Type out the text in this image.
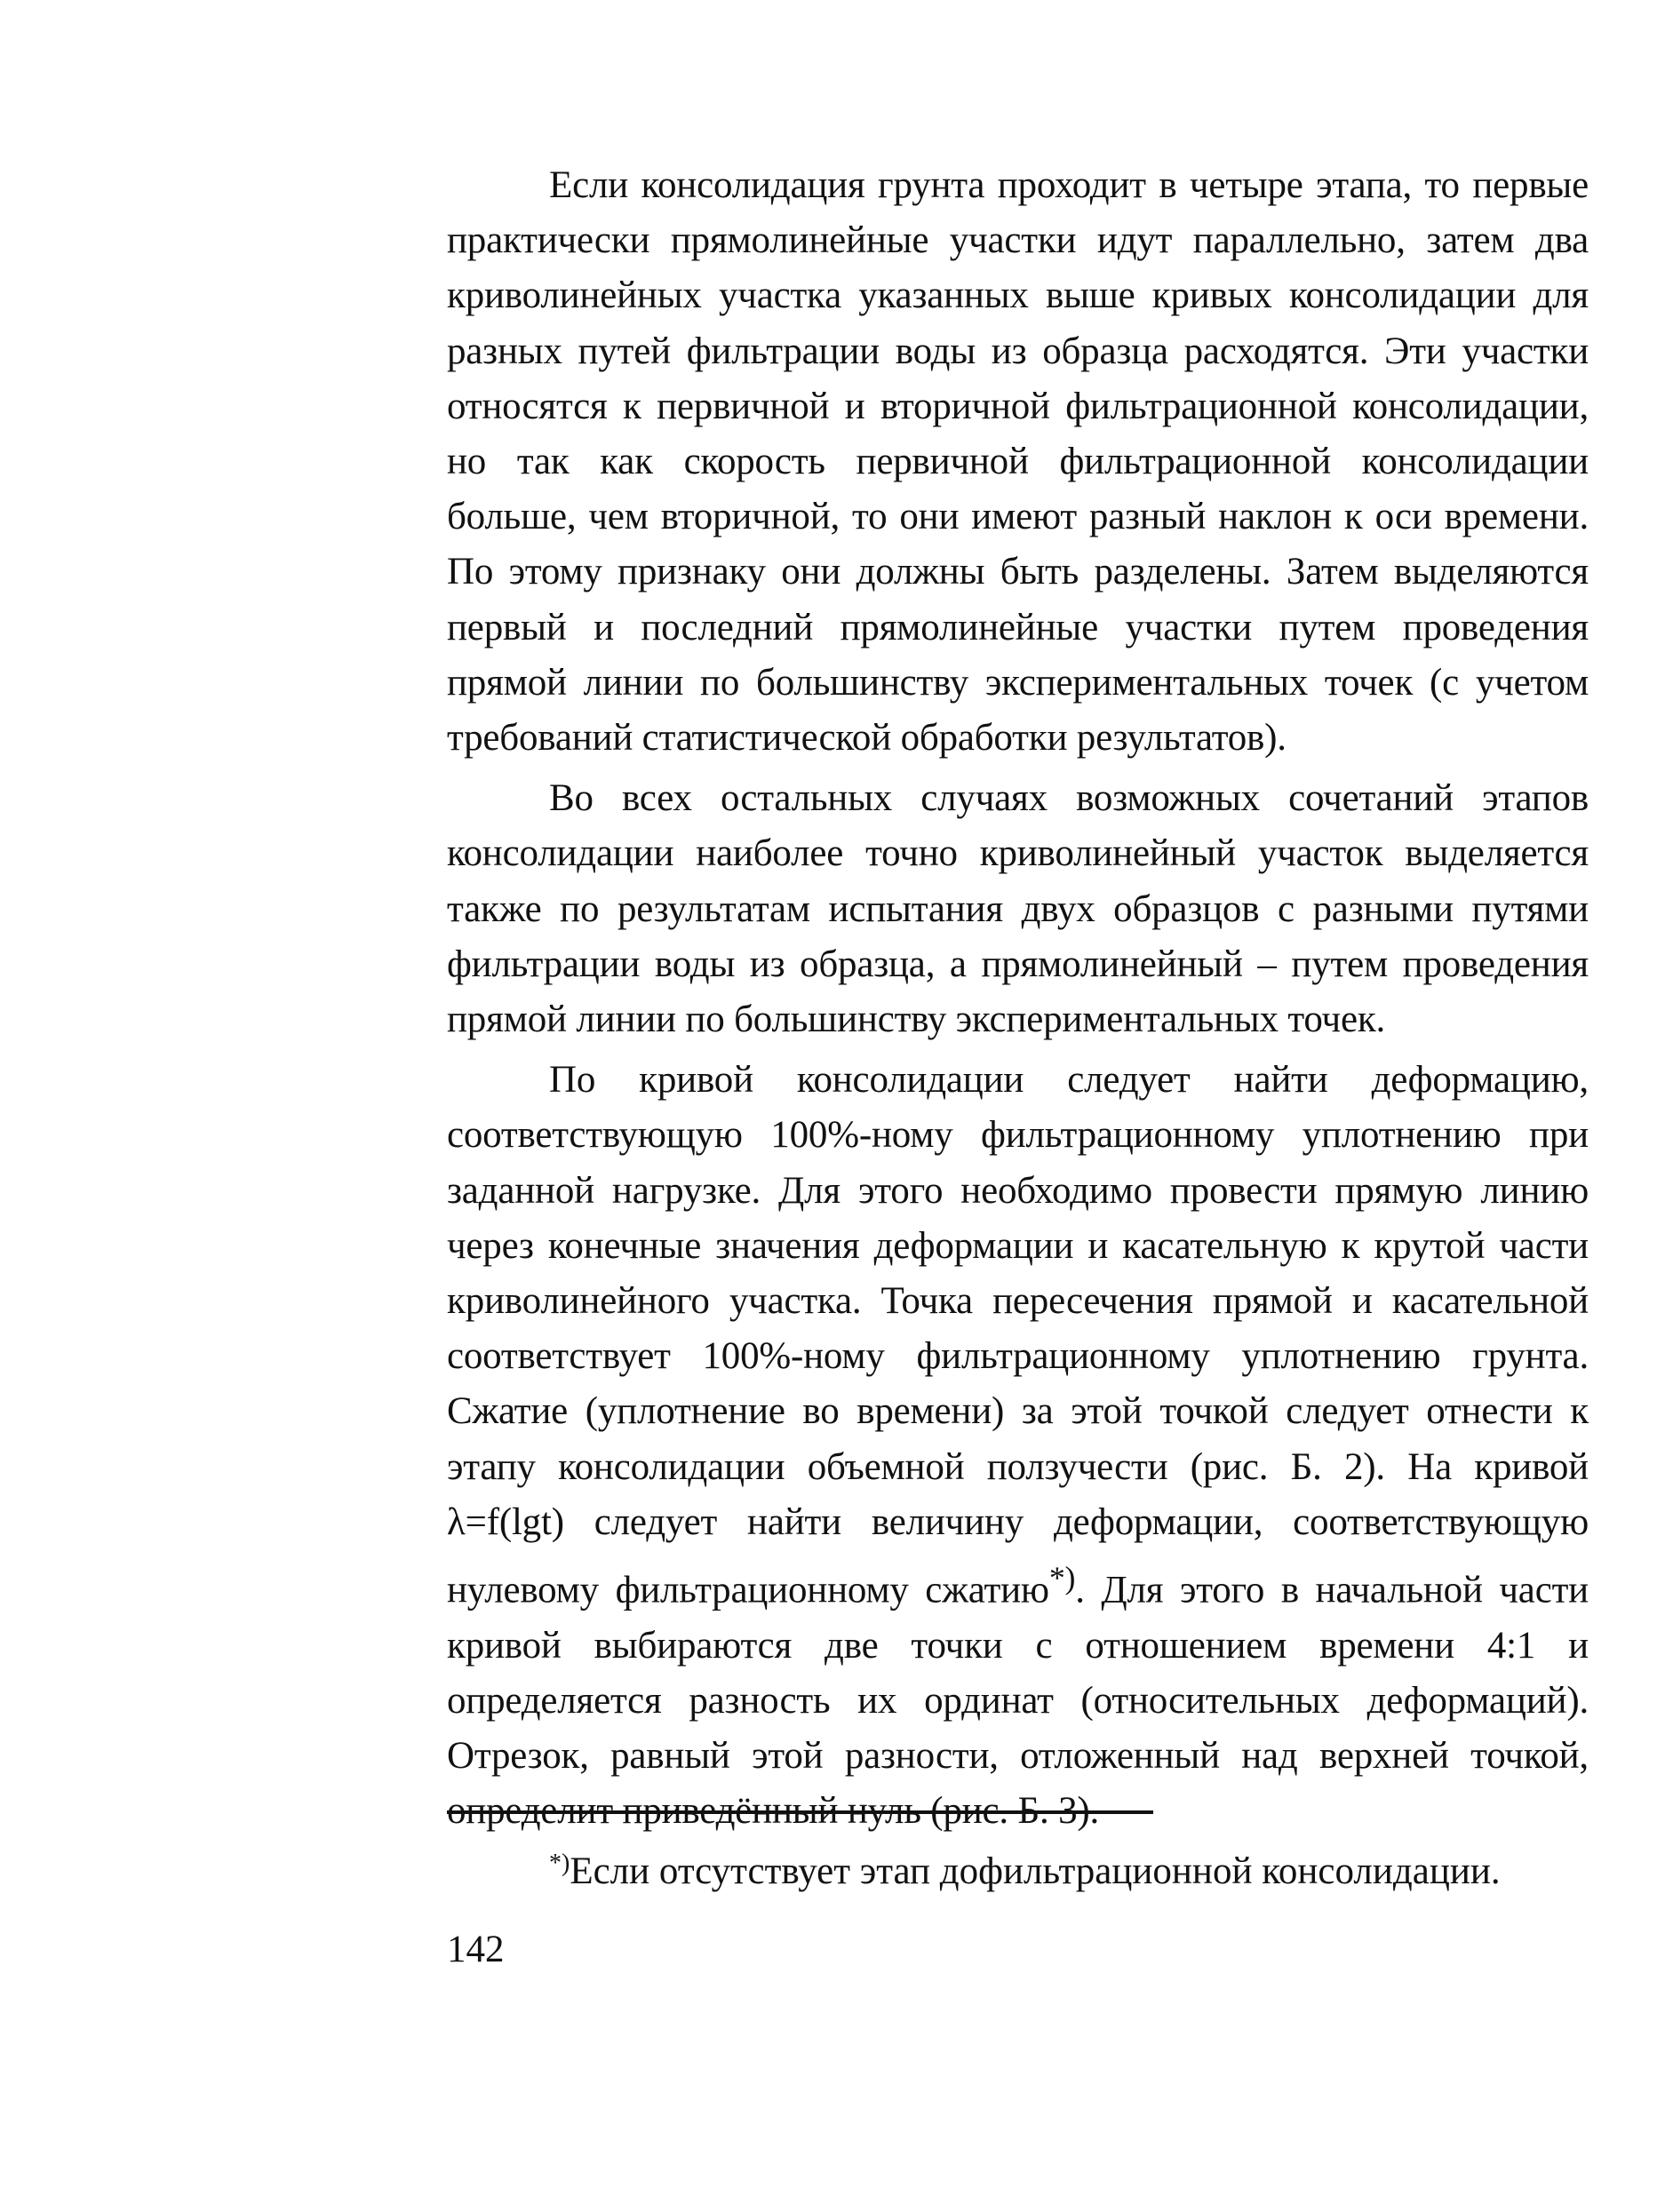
Если консолидация грунта проходит в четыре этапа, то первые практически прямолинейные участки идут параллельно, затем два криволинейных участка указанных выше кривых консолидации для разных путей фильтрации воды из образца расходятся. Эти участки относятся к первичной и вторичной фильтрационной консолидации, но так как скорость первичной фильтрационной консолидации больше, чем вторичной, то они имеют разный наклон к оси времени. По этому признаку они должны быть разделены. Затем выделяются первый и последний прямолинейные участки путем проведения прямой линии по большинству экспериментальных точек (с учетом требований статистической обработки результатов).

Во всех остальных случаях возможных сочетаний этапов консолидации наиболее точно криволинейный участок выделяется также по результатам испытания двух образцов с разными путями фильтрации воды из образца, а прямолинейный – путем проведения прямой линии по большинству экспериментальных точек.

По кривой консолидации следует найти деформацию, соответствующую 100%-ному фильтрационному уплотнению при заданной нагрузке. Для этого необходимо провести прямую линию через конечные значения деформации и касательную к крутой части криволинейного участка. Точка пересечения прямой и касательной соответствует 100%-ному фильтрационному уплотнению грунта. Сжатие (уплотнение во времени) за этой точкой следует отнести к этапу консолидации объемной ползучести (рис. Б. 2). На кривой λ=f(lgt) следует найти величину деформации, соответствующую нулевому фильтрационному сжатию*). Для этого в начальной части кривой выбираются две точки с отношением времени 4:1 и определяется разность их ординат (относительных деформаций). Отрезок, равный этой разности, отложенный над верхней точкой, определит приведённый нуль (рис. Б. 3).

*)Если отсутствует этап дофильтрационной консолидации.
142
